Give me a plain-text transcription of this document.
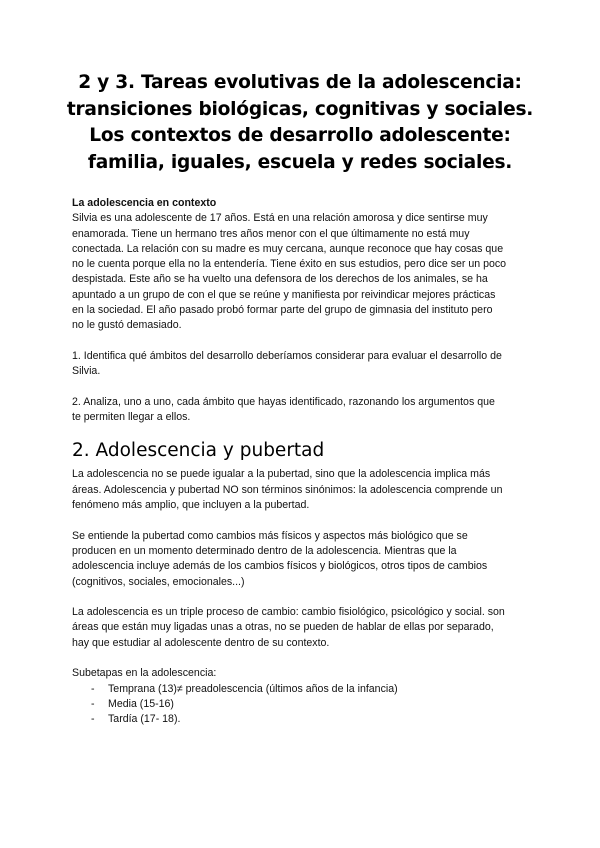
2 y 3. Tareas evolutivas de la adolescencia:
transiciones biológicas, cognitivas y sociales.
Los contextos de desarrollo adolescente:
familia, iguales, escuela y redes sociales.

La adolescencia en contexto

Silvia es una adolescente de 17 años. Está en una relación amorosa y dice sentirse muy

enamorada. Tiene un hermano tres años menor con el que últimamente no está muy

conectada. La relación con su madre es muy cercana, aunque reconoce que hay cosas que

no le cuenta porque ella no la entendería. Tiene éxito en sus estudios, pero dice ser un poco

despistada. Este año se ha vuelto una defensora de los derechos de los animales, se ha

apuntado a un grupo de con el que se reúne y manifiesta por reivindicar mejores prácticas

en la sociedad. El año pasado probó formar parte del grupo de gimnasia del instituto pero

no le gustó demasiado.

1. Identifica qué ámbitos del desarrollo deberíamos considerar para evaluar el desarrollo de

Silvia.

2. Analiza, uno a uno, cada ámbito que hayas identificado, razonando los argumentos que

te permiten llegar a ellos.

2. Adolescencia y pubertad

La adolescencia no se puede igualar a la pubertad, sino que la adolescencia implica más

áreas. Adolescencia y pubertad NO son términos sinónimos: la adolescencia comprende un

fenómeno más amplio, que incluyen a la pubertad.

Se entiende la pubertad como cambios más físicos y aspectos más biológico que se

producen en un momento determinado dentro de la adolescencia. Mientras que la

adolescencia incluye además de los cambios físicos y biológicos, otros tipos de cambios

(cognitivos, sociales, emocionales...)

La adolescencia es un triple proceso de cambio: cambio fisiológico, psicológico y social. son

áreas que están muy ligadas unas a otras, no se pueden de hablar de ellas por separado,

hay que estudiar al adolescente dentro de su contexto.

Subetapas en la adolescencia:

- Temprana (13)≠ preadolescencia (últimos años de la infancia)
- Media (15-16)
- Tardía (17- 18).
